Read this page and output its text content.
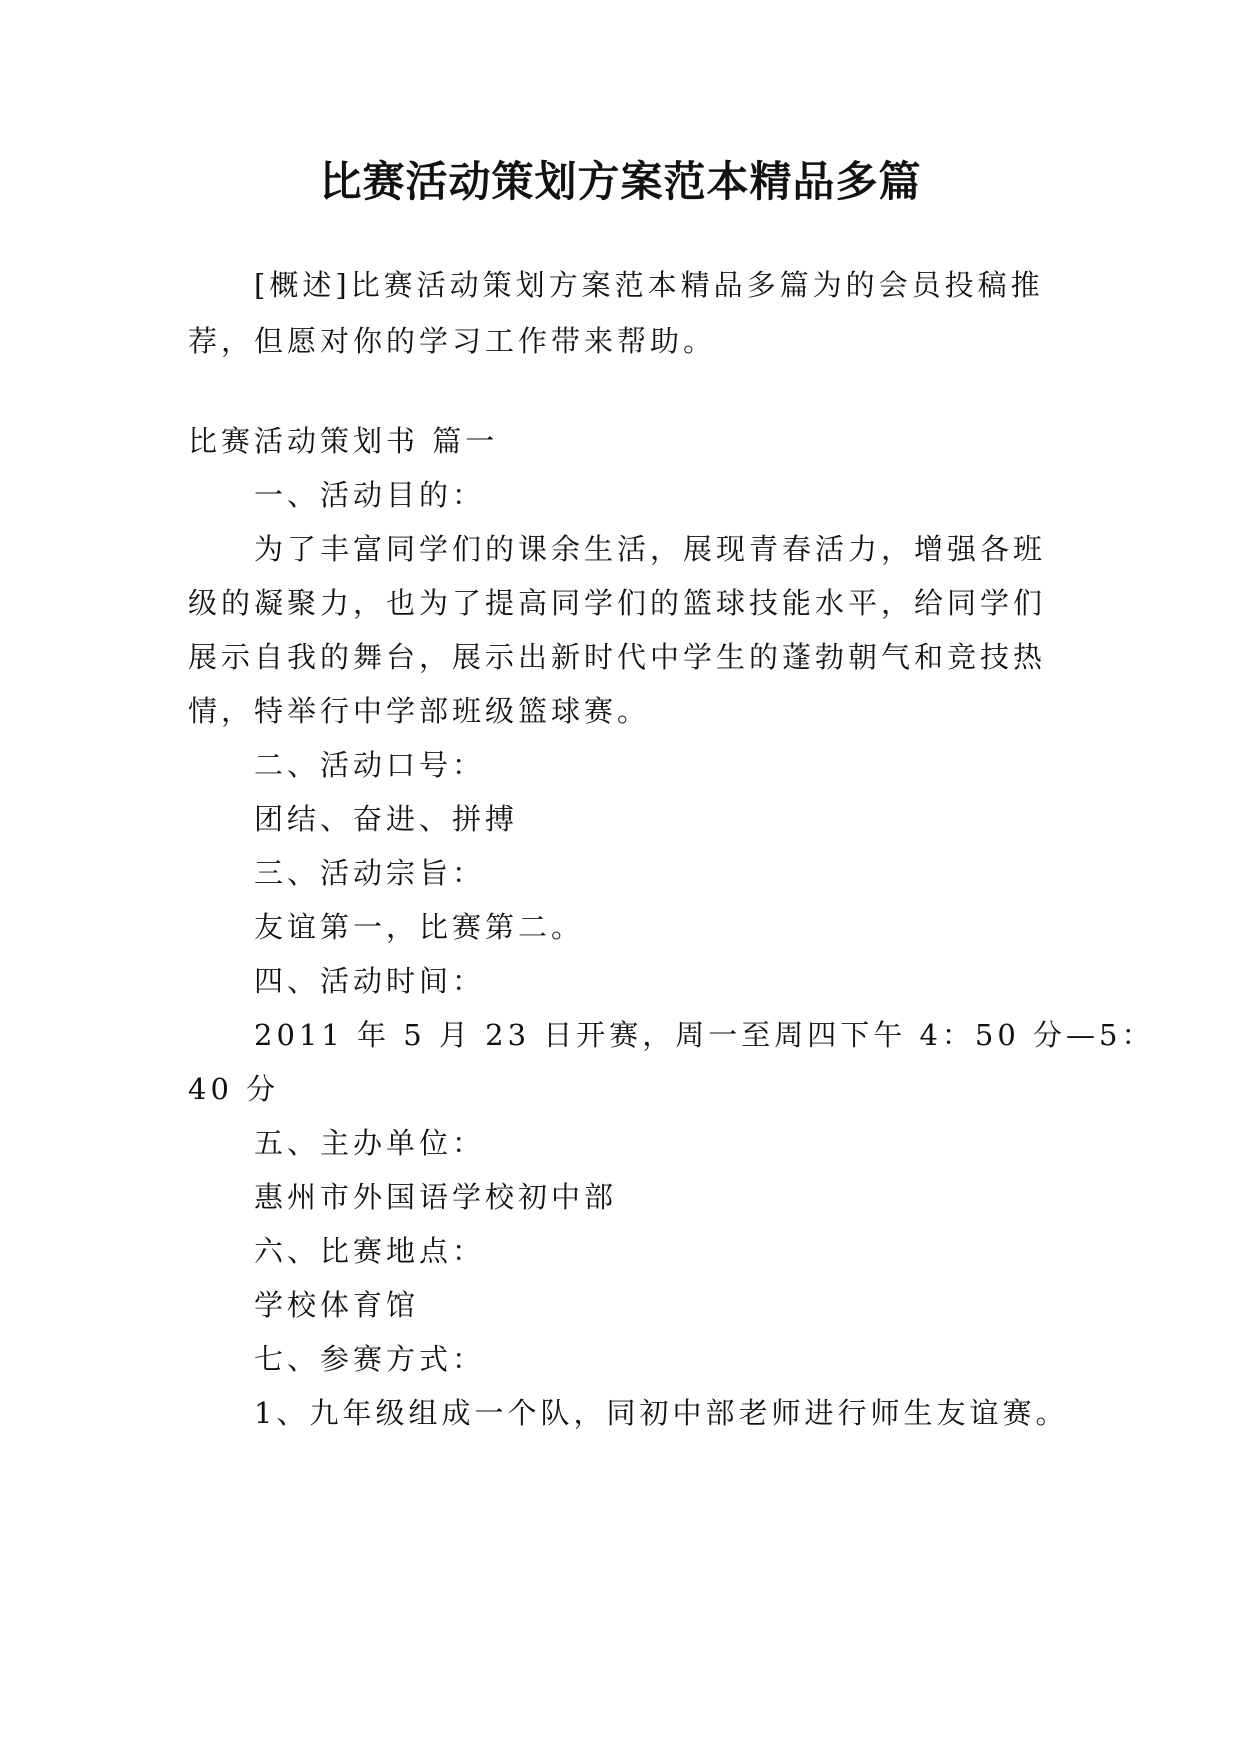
比赛活动策划方案范本精品多篇
[概述]比赛活动策划方案范本精品多篇为的会员投稿推
荐，但愿对你的学习工作带来帮助。
比赛活动策划书 篇一
一、活动目的：
为了丰富同学们的课余生活，展现青春活力，增强各班
级的凝聚力，也为了提高同学们的篮球技能水平，给同学们
展示自我的舞台，展示出新时代中学生的蓬勃朝气和竞技热
情，特举行中学部班级篮球赛。
二、活动口号：
团结、奋进、拼搏
三、活动宗旨：
友谊第一，比赛第二。
四、活动时间：
2011 年 5 月 23 日开赛，周一至周四下午 4：50 分—5：
40 分
五、主办单位：
惠州市外国语学校初中部
六、比赛地点：
学校体育馆
七、参赛方式：
1、九年级组成一个队，同初中部老师进行师生友谊赛。
